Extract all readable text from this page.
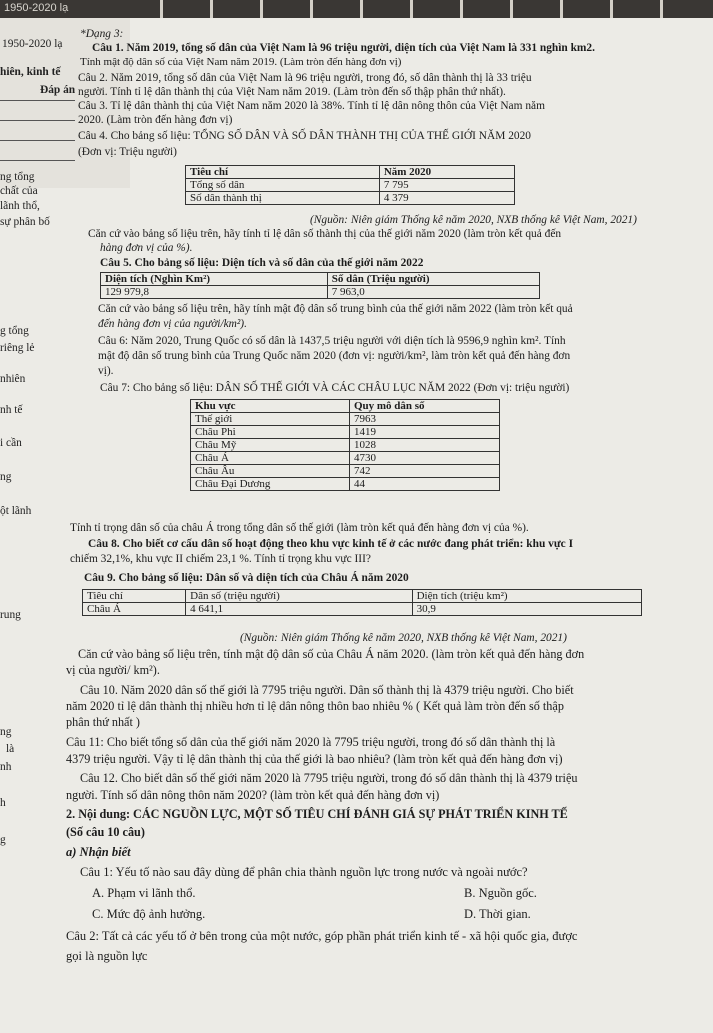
1950-2020 lạ
1950-2020 lạ
hiên, kinh tế
Đáp án
ng tổng
chất của
lãnh thổ,
sự phân bố
g tổng
riêng lẻ
nhiên
nh tế
i cần
ng
ột lãnh
rung
ng
là
nh
h
g
*Dạng 3:
Câu 1. Năm 2019, tổng số dân của Việt Nam là 96 triệu người, diện tích của Việt Nam là 331 nghìn km2.
Tính mật độ dân số của Việt Nam năm 2019. (Làm tròn đến hàng đơn vị)
Câu 2. Năm 2019, tổng số dân của Việt Nam là 96 triệu người, trong đó, số dân thành thị là 33 triệu
người. Tính tỉ lệ dân thành thị của Việt Nam năm 2019. (Làm tròn đến số thập phân thứ nhất).
Câu 3. Tỉ lệ dân thành thị của Việt Nam năm 2020 là 38%. Tính tỉ lệ dân nông thôn của Việt Nam năm
2020. (Làm tròn đến hàng đơn vị)
Câu 4. Cho bảng số liệu: TỔNG SỐ DÂN VÀ SỐ DÂN THÀNH THỊ CỦA THẾ GIỚI NĂM 2020
(Đơn vị: Triệu người)
Tiêu chí	Năm 2020
Tổng số dân	7 795
Số dân thành thị	4 379
(Nguồn: Niên giám Thống kê năm 2020, NXB thống kê Việt Nam, 2021)
Căn cứ vào bảng số liệu trên, hãy tính tỉ lệ dân số thành thị của thế giới năm 2020 (làm tròn kết quả đến
hàng đơn vị của %).
Câu 5. Cho bảng số liệu: Diện tích và số dân của thế giới năm 2022
Diện tích (Nghìn Km²)	Số dân (Triệu người)
129 979,8	7 963,0
Căn cứ vào bảng số liệu trên, hãy tính mật độ dân số trung bình của thế giới năm 2022 (làm tròn kết quả
đến hàng đơn vị của người/km²).
Câu 6: Năm 2020, Trung Quốc có số dân là 1437,5 triệu người với diện tích là 9596,9 nghìn km². Tính
mật độ dân số trung bình của Trung Quốc năm 2020 (đơn vị: người/km², làm tròn kết quả đến hàng đơn
vị).
Câu 7: Cho bảng số liệu: DÂN SỐ THẾ GIỚI VÀ CÁC CHÂU LỤC NĂM 2022 (Đơn vị: triệu người)
Khu vực	Quy mô dân số
Thế giới	7963
Châu Phi	1419
Châu Mỹ	1028
Châu Á	4730
Châu Âu	742
Châu Đại Dương	44
Tính tỉ trọng dân số của châu Á trong tổng dân số thế giới (làm tròn kết quả đến hàng đơn vị của %).
Câu 8. Cho biết cơ cấu dân số hoạt động theo khu vực kinh tế ở các nước đang phát triển: khu vực I
chiếm 32,1%, khu vực II chiếm 23,1 %. Tính tỉ trọng khu vực III?
Câu 9. Cho bảng số liệu: Dân số và diện tích của Châu Á năm 2020
Tiêu chí	Dân số (triệu người)	Diện tích (triệu km²)
Châu Á	4 641,1	30,9
(Nguồn: Niên giám Thống kê năm 2020, NXB thống kê Việt Nam, 2021)
Căn cứ vào bảng số liệu trên, tính mật độ dân số của Châu Á năm 2020. (làm tròn kết quả đến hàng đơn
vị của người/ km²).
Câu 10. Năm 2020 dân số thế giới là 7795 triệu người. Dân số thành thị là 4379 triệu người. Cho biết
năm 2020 tỉ lệ dân thành thị nhiều hơn tỉ lệ dân nông thôn bao nhiêu % ( Kết quả làm tròn đến số thập
phân thứ nhất )
Câu 11: Cho biết tổng số dân của thế giới năm 2020 là 7795 triệu người, trong đó số dân thành thị là
4379 triệu người. Vậy tỉ lệ dân thành thị của thế giới là bao nhiêu? (làm tròn kết quả đến hàng đơn vị)
Câu 12. Cho biết dân số thế giới năm 2020 là 7795 triệu người, trong đó số dân thành thị là 4379 triệu
người. Tính số dân nông thôn năm 2020? (làm tròn kết quả đến hàng đơn vị)
2. Nội dung: CÁC NGUỒN LỰC, MỘT SỐ TIÊU CHÍ ĐÁNH GIÁ SỰ PHÁT TRIỂN KINH TẾ
(Số câu 10 câu)
a) Nhận biết
Câu 1: Yếu tố nào sau đây dùng để phân chia thành nguồn lực trong nước và ngoài nước?
A. Phạm vi lãnh thổ.	B. Nguồn gốc.
C. Mức độ ảnh hưởng.	D. Thời gian.
Câu 2: Tất cả các yếu tố ở bên trong của một nước, góp phần phát triển kinh tế - xã hội quốc gia, được
gọi là nguồn lực
